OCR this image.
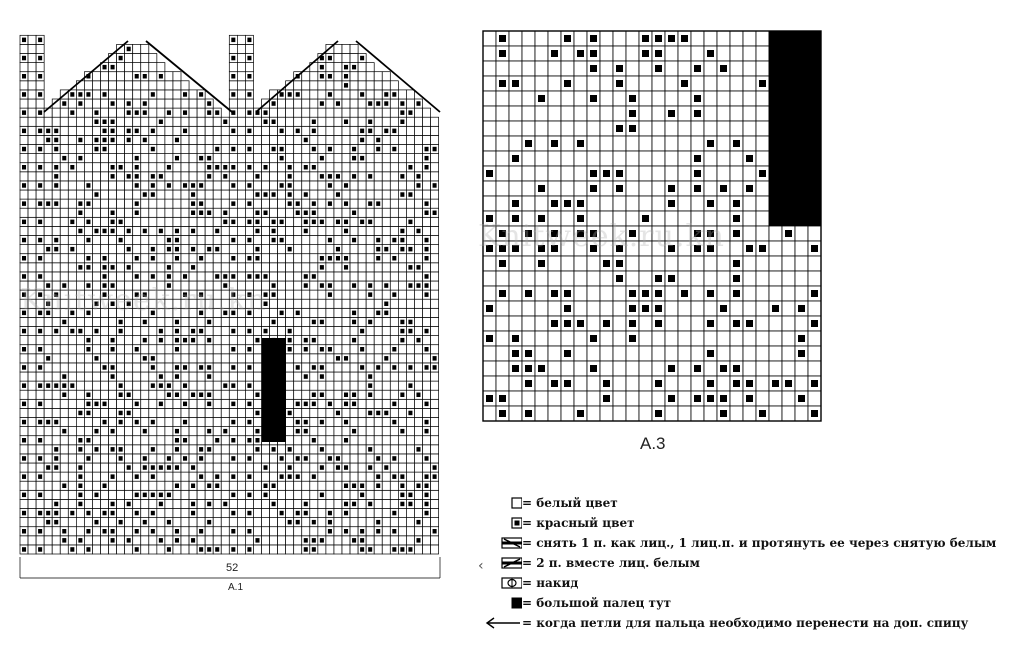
52
A.1
A.3
Knitweek.ru.kn
Knitweek.ru.kn
‹
= белый цвет
= красный цвет
= снять 1 п. как лиц., 1 лиц.п. и протянуть ее через снятую белым
= 2 п. вместе лиц. белым
= накид
= большой палец тут
= когда петли для пальца необходимо перенести на доп. спицу
